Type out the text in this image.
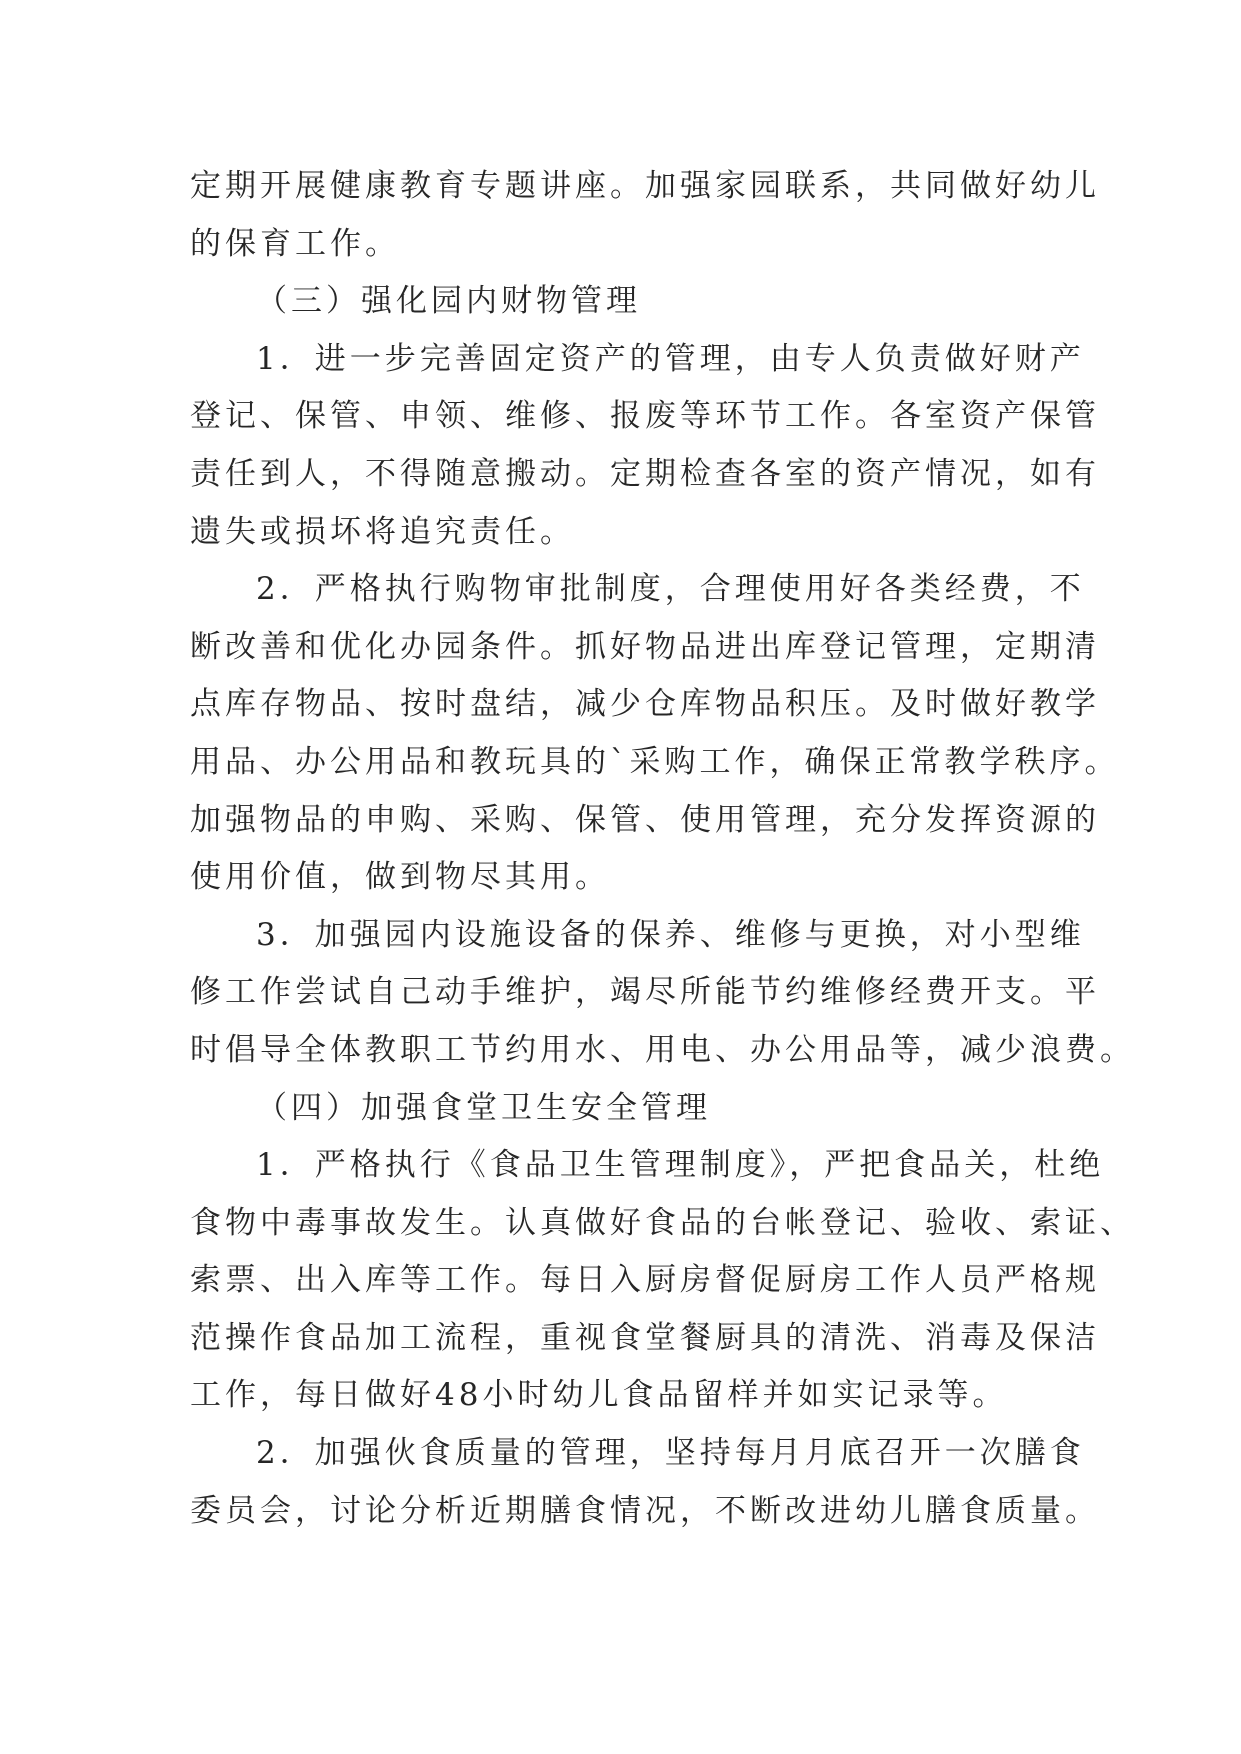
定期开展健康教育专题讲座。加强家园联系，共同做好幼儿
的保育工作。
（三）强化园内财物管理
1．进一步完善固定资产的管理，由专人负责做好财产
登记、保管、申领、维修、报废等环节工作。各室资产保管
责任到人，不得随意搬动。定期检查各室的资产情况，如有
遗失或损坏将追究责任。
2．严格执行购物审批制度，合理使用好各类经费，不
断改善和优化办园条件。抓好物品进出库登记管理，定期清
点库存物品、按时盘结，减少仓库物品积压。及时做好教学
用品、办公用品和教玩具的`采购工作，确保正常教学秩序。
加强物品的申购、采购、保管、使用管理，充分发挥资源的
使用价值，做到物尽其用。
3．加强园内设施设备的保养、维修与更换，对小型维
修工作尝试自己动手维护，竭尽所能节约维修经费开支。平
时倡导全体教职工节约用水、用电、办公用品等，减少浪费。
（四）加强食堂卫生安全管理
1．严格执行《食品卫生管理制度》，严把食品关，杜绝
食物中毒事故发生。认真做好食品的台帐登记、验收、索证、
索票、出入库等工作。每日入厨房督促厨房工作人员严格规
范操作食品加工流程，重视食堂餐厨具的清洗、消毒及保洁
工作，每日做好48小时幼儿食品留样并如实记录等。
2．加强伙食质量的管理，坚持每月月底召开一次膳食
委员会，讨论分析近期膳食情况，不断改进幼儿膳食质量。
